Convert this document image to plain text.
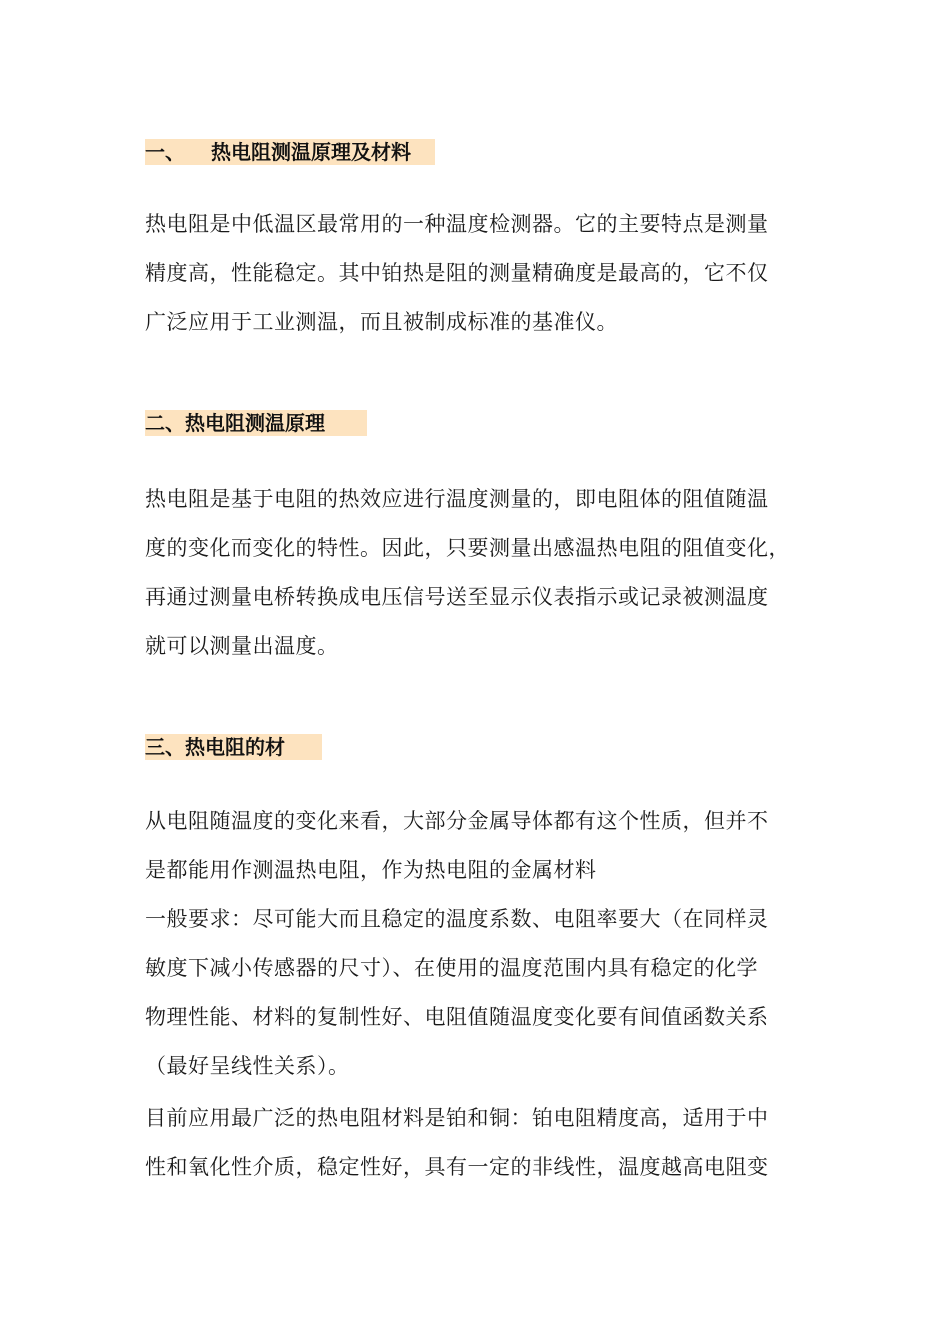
一、 热电阻测温原理及材料
热电阻是中低温区最常用的一种温度检测器。它的主要特点是测量
精度高，性能稳定。其中铂热是阻的测量精确度是最高的，它不仅
广泛应用于工业测温，而且被制成标准的基准仪。
二、热电阻测温原理
热电阻是基于电阻的热效应进行温度测量的，即电阻体的阻值随温
度的变化而变化的特性。因此，只要测量出感温热电阻的阻值变化，
再通过测量电桥转换成电压信号送至显示仪表指示或记录被测温度
就可以测量出温度。
三、热电阻的材
从电阻随温度的变化来看，大部分金属导体都有这个性质，但并不
是都能用作测温热电阻，作为热电阻的金属材料
一般要求：尽可能大而且稳定的温度系数、电阻率要大（在同样灵
敏度下减小传感器的尺寸）、在使用的温度范围内具有稳定的化学
物理性能、材料的复制性好、电阻值随温度变化要有间值函数关系
（最好呈线性关系）。
目前应用最广泛的热电阻材料是铂和铜：铂电阻精度高，适用于中
性和氧化性介质，稳定性好，具有一定的非线性，温度越高电阻变
